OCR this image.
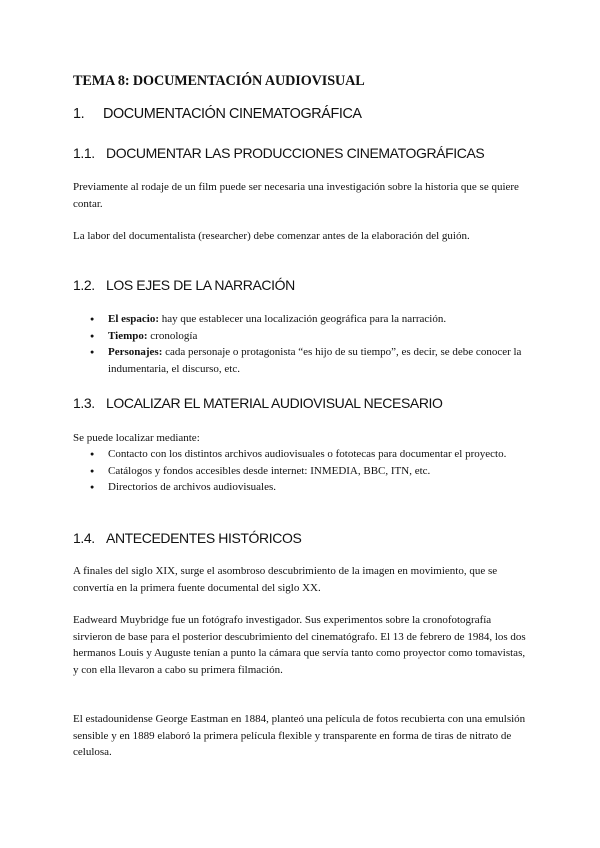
TEMA 8: DOCUMENTACIÓN AUDIOVISUAL
1. DOCUMENTACIÓN CINEMATOGRÁFICA
1.1. DOCUMENTAR LAS PRODUCCIONES CINEMATOGRÁFICAS

Previamente al rodaje de un film puede ser necesaria una investigación sobre la historia que se quiere contar.

La labor del documentalista (researcher) debe comenzar antes de la elaboración del guión.

1.2. LOS EJES DE LA NARRACIÓN
● El espacio: hay que establecer una localización geográfica para la narración.
● Tiempo: cronología
● Personajes: cada personaje o protagonista “es hijo de su tiempo”, es decir, se debe conocer la indumentaria, el discurso, etc.
1.3. LOCALIZAR EL MATERIAL AUDIOVISUAL NECESARIO

Se puede localizar mediante:

● Contacto con los distintos archivos audiovisuales o fototecas para documentar el proyecto.
● Catálogos y fondos accesibles desde internet: INMEDIA, BBC, ITN, etc.
● Directorios de archivos audiovisuales.
1.4. ANTECEDENTES HISTÓRICOS

A finales del siglo XIX, surge el asombroso descubrimiento de la imagen en movimiento, que se convertía en la primera fuente documental del siglo XX.

Eadweard Muybridge fue un fotógrafo investigador. Sus experimentos sobre la cronofotografía sirvieron de base para el posterior descubrimiento del cinematógrafo. El 13 de febrero de 1984, los dos hermanos Louis y Auguste tenían a punto la cámara que servía tanto como proyector como tomavistas, y con ella llevaron a cabo su primera filmación.

El estadounidense George Eastman en 1884, planteó una película de fotos recubierta con una emulsión sensible y en 1889 elaboró la primera película flexible y transparente en forma de tiras de nitrato de celulosa.
